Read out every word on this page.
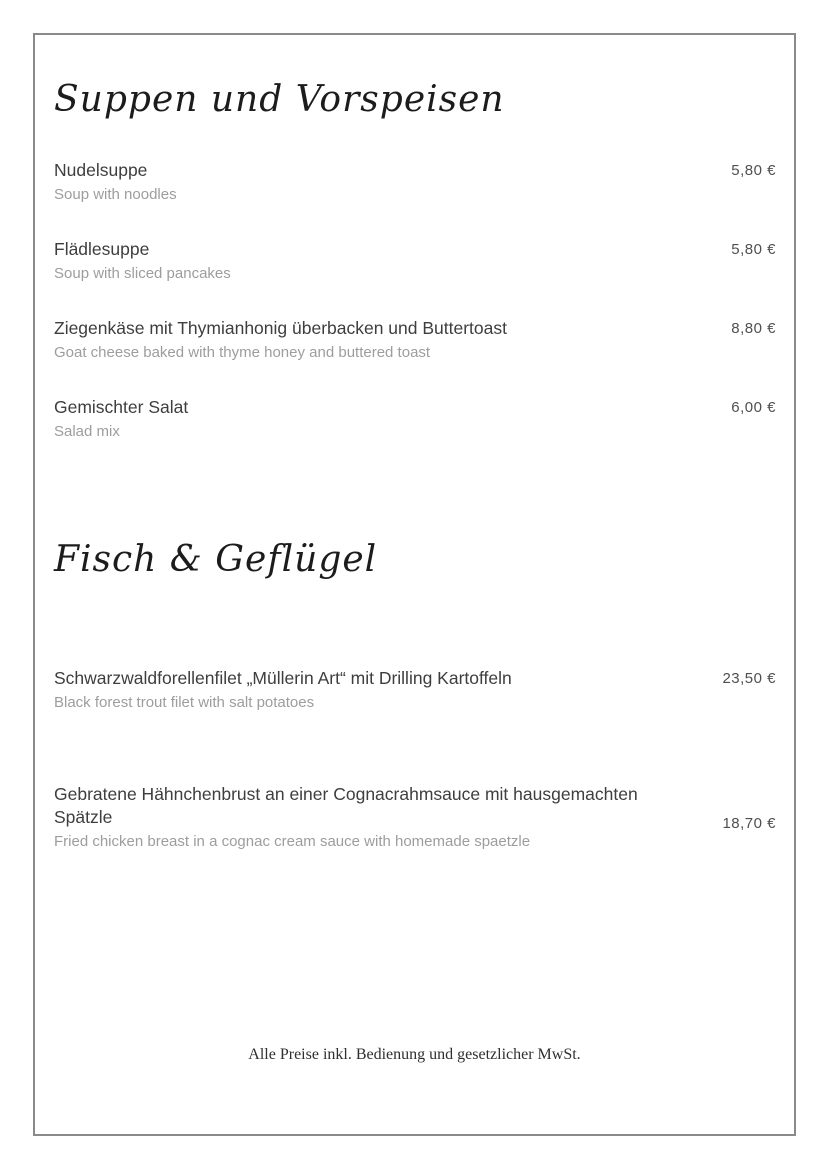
Suppen und Vorspeisen
Nudelsuppe
Soup with noodles
5,80 €
Flädlesuppe
Soup with sliced pancakes
5,80 €
Ziegenkäse mit Thymianhonig überbacken und Buttertoast
Goat cheese baked with thyme honey and buttered toast
8,80 €
Gemischter Salat
Salad mix
6,00 €
Fisch & Geflügel
Schwarzwaldforellenfilet „Müllerin Art“ mit Drilling Kartoffeln
Black forest trout filet with salt potatoes
23,50 €
Gebratene Hähnchenbrust an einer Cognacrahmsauce mit hausgemachten Spätzle
Fried chicken breast in a cognac cream sauce with homemade spaetzle
18,70 €
Alle Preise inkl. Bedienung und gesetzlicher MwSt.
